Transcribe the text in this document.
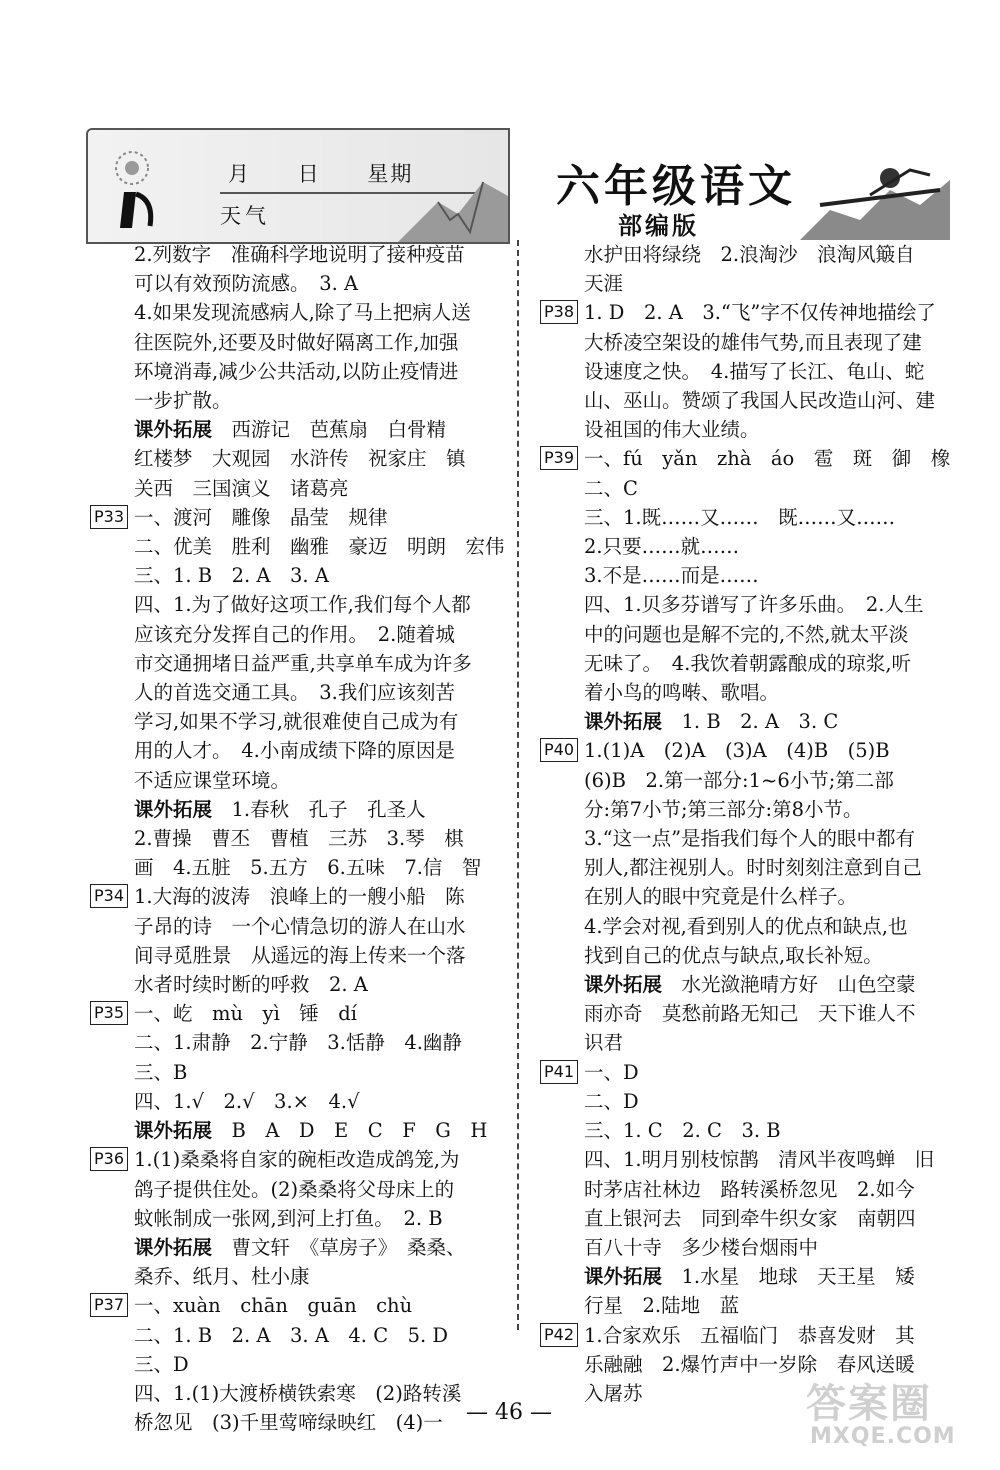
月 日 星期
天气
六年级语文
部编版
2.列数字　准确科学地说明了接种疫苗
可以有效预防流感。　3. A
4.如果发现流感病人,除了马上把病人送
往医院外,还要及时做好隔离工作,加强
环境消毒,减少公共活动,以防止疫情进
一步扩散。
课外拓展　西游记　芭蕉扇　白骨精
红楼梦　大观园　水浒传　祝家庄　镇
关西　三国演义　诸葛亮
P33 一、渡河　雕像　晶莹　规律
二、优美　胜利　幽雅　豪迈　明朗　宏伟
三、1. B　2. A　3. A
四、1.为了做好这项工作,我们每个人都
应该充分发挥自己的作用。　2.随着城
市交通拥堵日益严重,共享单车成为许多
人的首选交通工具。　3.我们应该刻苦
学习,如果不学习,就很难使自己成为有
用的人才。　4.小南成绩下降的原因是
不适应课堂环境。
课外拓展　1.春秋　孔子　孔圣人
2.曹操　曹丕　曹植　三苏　3.琴　棋
画　4.五脏　5.五方　6.五味　7.信　智
P34 1.大海的波涛　浪峰上的一艘小船　陈
子昂的诗　一个心情急切的游人在山水
间寻觅胜景　从遥远的海上传来一个落
水者时续时断的呼救　2. A
P35 一、屹　mù　yì　锤　dí
二、1.肃静　2.宁静　3.恬静　4.幽静
三、B
四、1.√　2.√　3.×　4.√
课外拓展　B　A　D　E　C　F　G　H
P36 1.(1)桑桑将自家的碗柜改造成鸽笼,为
鸽子提供住处。(2)桑桑将父母床上的
蚊帐制成一张网,到河上打鱼。　2. B
课外拓展　曹文轩　《草房子》　桑桑、
桑乔、纸月、杜小康
P37 一、xuàn　chān　guān　chù
二、1. B　2. A　3. A　4. C　5. D
三、D
四、1.(1)大渡桥横铁索寒　(2)路转溪
桥忽见　(3)千里莺啼绿映红　(4)一
水护田将绿绕　2.浪淘沙　浪淘风簸自
天涯
P38 1. D　2. A　3.“飞”字不仅传神地描绘了
大桥凌空架设的雄伟气势,而且表现了建
设速度之快。　4.描写了长江、龟山、蛇
山、巫山。赞颂了我国人民改造山河、建
设祖国的伟大业绩。
P39 一、fú　yǎn　zhà　áo　雹　斑　御　橡
二、C
三、1.既……又……　既……又……
2.只要……就……
3.不是……而是……
四、1.贝多芬谱写了许多乐曲。　2.人生
中的问题也是解不完的,不然,就太平淡
无味了。　4.我饮着朝露酿成的琼浆,听
着小鸟的鸣啭、歌唱。
课外拓展　1. B　2. A　3. C
P40 1.(1)A　(2)A　(3)A　(4)B　(5)B
(6)B　2.第一部分:1~6小节;第二部
分:第7小节;第三部分:第8小节。
3.“这一点”是指我们每个人的眼中都有
别人,都注视别人。时时刻刻注意到自己
在别人的眼中究竟是什么样子。
4.学会对视,看到别人的优点和缺点,也
找到自己的优点与缺点,取长补短。
课外拓展　水光潋滟晴方好　山色空蒙
雨亦奇　莫愁前路无知己　天下谁人不
识君
P41 一、D
二、D
三、1. C　2. C　3. B
四、1.明月别枝惊鹊　清风半夜鸣蝉　旧
时茅店社林边　路转溪桥忽见　2.如今
直上银河去　同到牵牛织女家　南朝四
百八十寺　多少楼台烟雨中
课外拓展　1.水星　地球　天王星　矮
行星　2.陆地　蓝
P42 1.合家欢乐　五福临门　恭喜发财　其
乐融融　2.爆竹声中一岁除　春风送暖
入屠苏
— 46 —	答案圈
MXQE.COM
